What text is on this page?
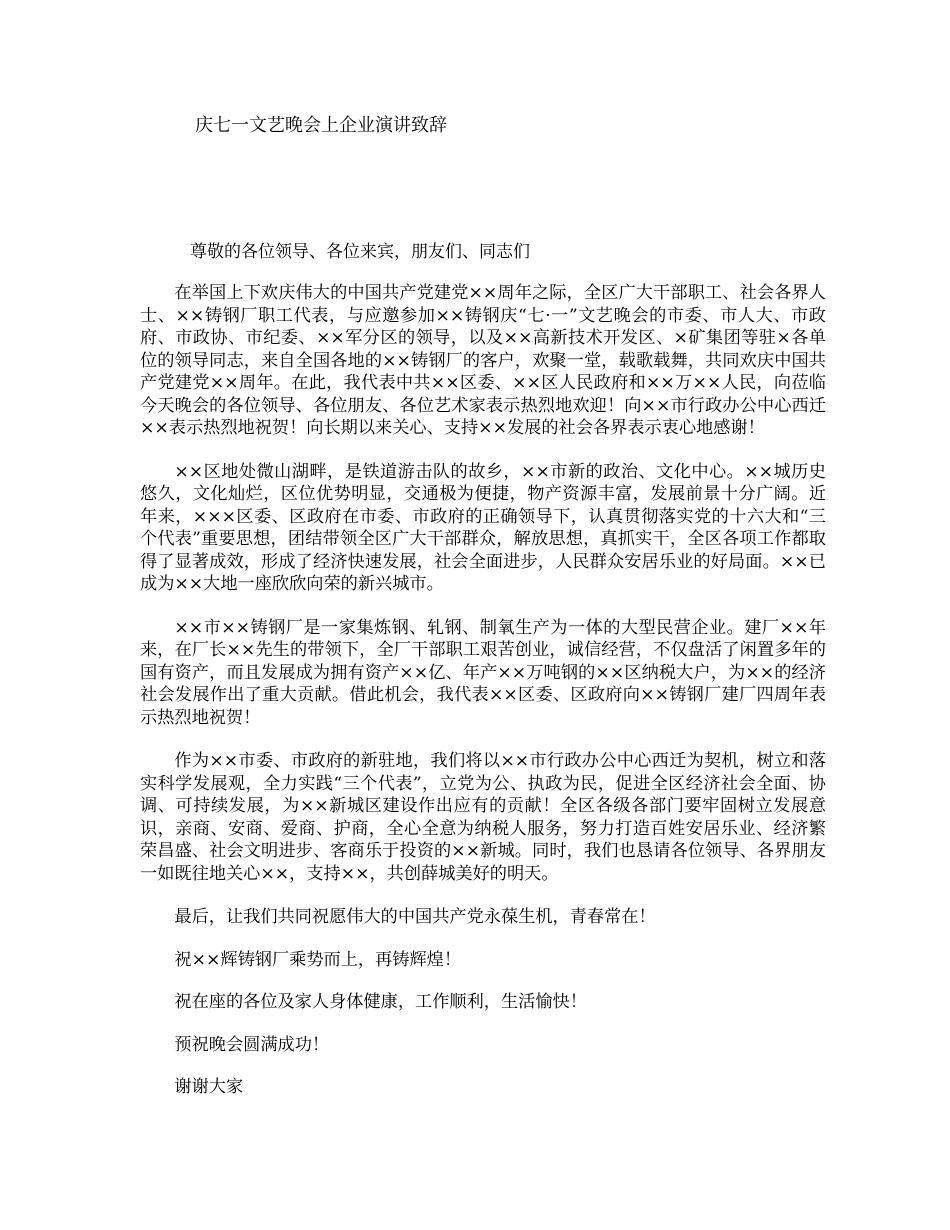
庆七一文艺晚会上企业演讲致辞
尊敬的各位领导、各位来宾，朋友们、同志们

在举国上下欢庆伟大的中国共产党建党××周年之际，全区广大干部职工、社会各界人士、××铸钢厂职工代表，与应邀参加××铸钢庆“七·一”文艺晚会的市委、市人大、市政府、市政协、市纪委、××军分区的领导，以及××高新技术开发区、×矿集团等驻×各单位的领导同志，来自全国各地的××铸钢厂的客户，欢聚一堂，载歌载舞，共同欢庆中国共产党建党××周年。在此，我代表中共××区委、××区人民政府和××万××人民，向莅临今天晚会的各位领导、各位朋友、各位艺术家表示热烈地欢迎！向××市行政办公中心西迁××表示热烈地祝贺！向长期以来关心、支持××发展的社会各界表示衷心地感谢！

××区地处微山湖畔，是铁道游击队的故乡，××市新的政治、文化中心。××城历史悠久，文化灿烂，区位优势明显，交通极为便捷，物产资源丰富，发展前景十分广阔。近年来，×××区委、区政府在市委、市政府的正确领导下，认真贯彻落实党的十六大和“三个代表”重要思想，团结带领全区广大干部群众，解放思想，真抓实干，全区各项工作都取得了显著成效，形成了经济快速发展，社会全面进步，人民群众安居乐业的好局面。××已成为××大地一座欣欣向荣的新兴城市。

××市××铸钢厂是一家集炼钢、轧钢、制氧生产为一体的大型民营企业。建厂××年来，在厂长××先生的带领下，全厂干部职工艰苦创业，诚信经营，不仅盘活了闲置多年的国有资产，而且发展成为拥有资产××亿、年产××万吨钢的××区纳税大户，为××的经济社会发展作出了重大贡献。借此机会，我代表××区委、区政府向××铸钢厂建厂四周年表示热烈地祝贺！

作为××市委、市政府的新驻地，我们将以××市行政办公中心西迁为契机，树立和落实科学发展观，全力实践“三个代表”，立党为公、执政为民，促进全区经济社会全面、协调、可持续发展，为××新城区建设作出应有的贡献！全区各级各部门要牢固树立发展意识，亲商、安商、爱商、护商，全心全意为纳税人服务，努力打造百姓安居乐业、经济繁荣昌盛、社会文明进步、客商乐于投资的××新城。同时，我们也恳请各位领导、各界朋友一如既往地关心××，支持××，共创薛城美好的明天。

最后，让我们共同祝愿伟大的中国共产党永葆生机，青春常在！

祝××辉铸钢厂乘势而上，再铸辉煌！

祝在座的各位及家人身体健康，工作顺利，生活愉快！

预祝晚会圆满成功！

谢谢大家
